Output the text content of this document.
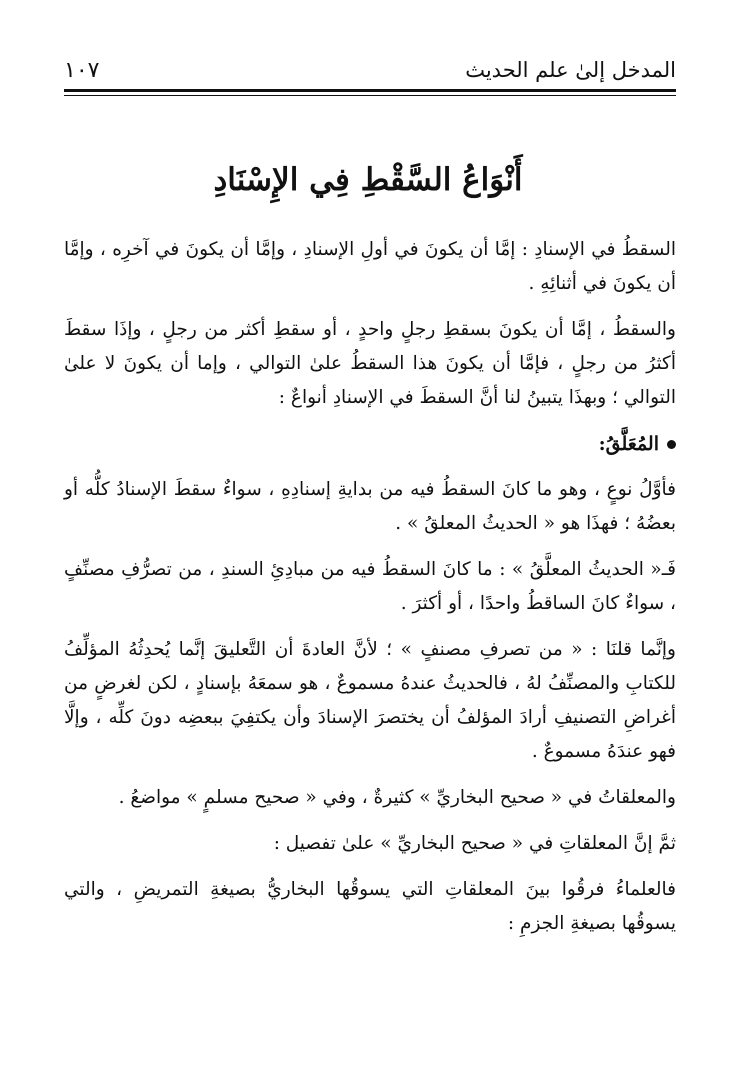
المدخل إلىٰ علم الحديث
١٠٧
أَنْوَاعُ السَّقْطِ فِي الإِسْنَادِ

السقطُ في الإسنادِ : إمَّا أن يكونَ في أولِ الإسنادِ ، وإمَّا أن يكونَ في آخرِه ، وإمَّا أن يكونَ في أثنائِهِ .

والسقطُ ، إمَّا أن يكونَ بسقطِ رجلٍ واحدٍ ، أو سقطِ أكثر من رجلٍ ، وإذَا سقطَ أكثرُ من رجلٍ ، فإمَّا أن يكونَ هذا السقطُ علىٰ التوالي ، وإما أن يكونَ لا علىٰ التوالي ؛ وبهذَا يتبينُ لنا أنَّ السقطَ في الإسنادِ أنواعٌ :

المُعَلَّقُ:

فأوَّلُ نوعٍ ، وهو ما كانَ السقطُ فيه من بدايةِ إسنادِهِ ، سواءٌ سقطَ الإسنادُ كلُّه أو بعضُهُ ؛ فهذَا هو « الحديثُ المعلقُ » .

فَـ« الحديثُ المعلَّقُ » : ما كانَ السقطُ فيه من مبادِئِ السندِ ، من تصرُّفِ مصنِّفٍ ، سواءٌ كانَ الساقطُ واحدًا ، أو أكثرَ .

وإنَّما قلنَا : « من تصرفِ مصنفٍ » ؛ لأنَّ العادةَ أن التَّعليقَ إنَّما يُحدِثُهُ المؤلِّفُ للكتابِ والمصنِّفُ لهُ ، فالحديثُ عندهُ مسموعٌ ، هو سمعَهُ بإسنادٍ ، لكن لغرضٍ من أغراضِ التصنيفِ أرادَ المؤلفُ أن يختصرَ الإسنادَ وأن يكتفِيَ ببعضِه دونَ كلِّه ، وإلَّا فهو عندَهُ مسموعٌ .

والمعلقاتُ في « صحيح البخاريِّ » كثيرةٌ ، وفي « صحيح مسلمٍ » مواضعُ .

ثمَّ إنَّ المعلقاتِ في « صحيح البخاريِّ » علىٰ تفصيل :

فالعلماءُ فرقُوا بينَ المعلقاتِ التي يسوقُها البخاريُّ بصيغةِ التمريضِ ، والتي يسوقُها بصيغةِ الجزمِ :
